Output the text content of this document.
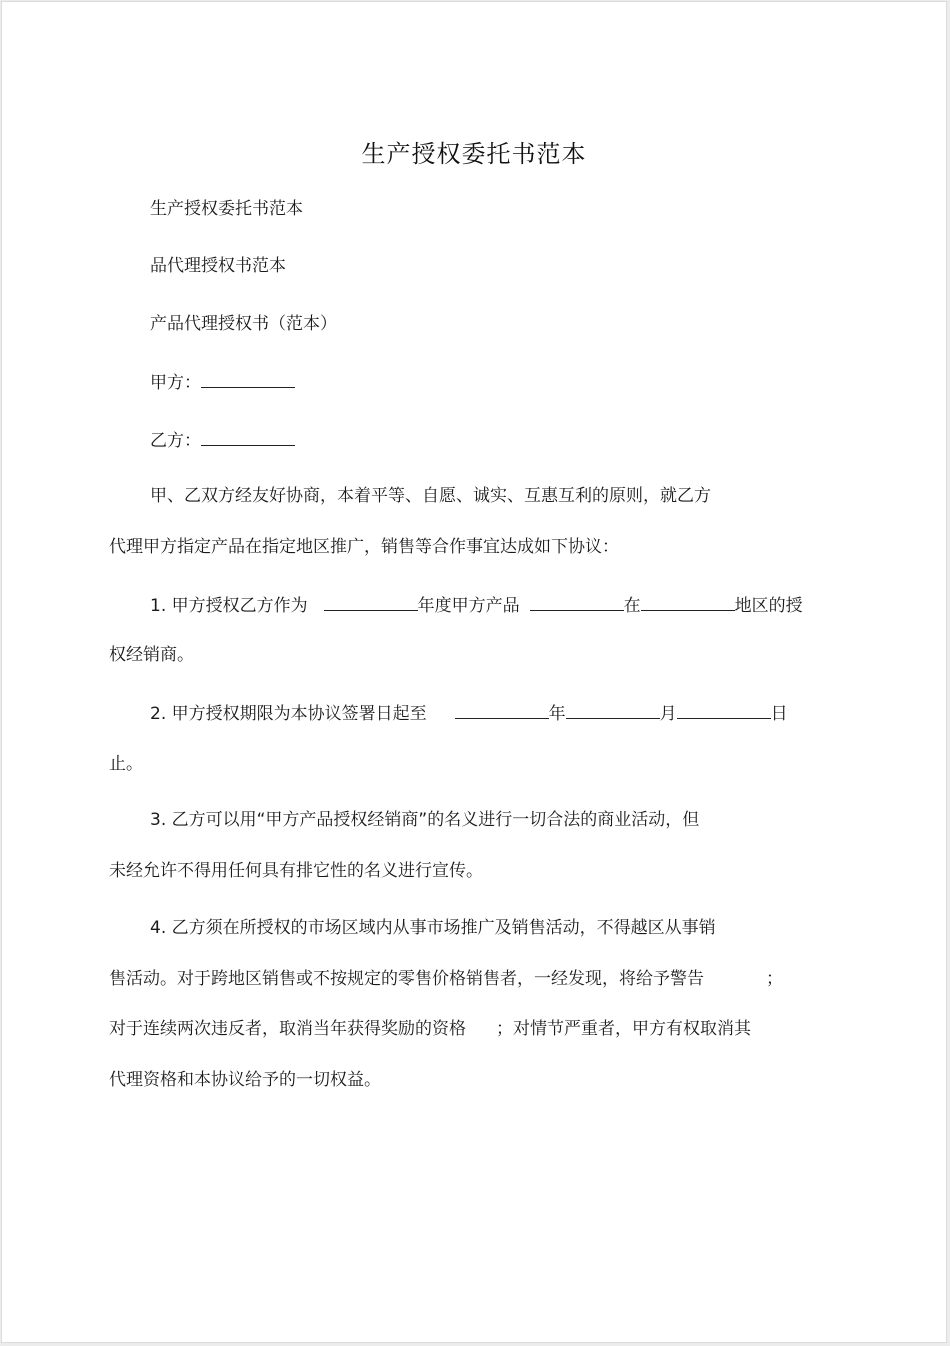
生产授权委托书范本
生产授权委托书范本
品代理授权书范本
产品代理授权书（范本）
甲方：
乙方：
甲、乙双方经友好协商，本着平等、自愿、诚实、互惠互利的原则，就乙方
代理甲方指定产品在指定地区推广，销售等合作事宜达成如下协议：
1. 甲方授权乙方作为	年度甲方产品	在	地区的授
权经销商。
2. 甲方授权期限为本协议签署日起至	年	月	日
止。
3. 乙方可以用“甲方产品授权经销商”的名义进行一切合法的商业活动，但
未经允许不得用任何具有排它性的名义进行宣传。
4. 乙方须在所授权的市场区域内从事市场推广及销售活动，不得越区从事销
售活动。对于跨地区销售或不按规定的零售价格销售者，一经发现，将给予警告	；
对于连续两次违反者，取消当年获得奖励的资格 ；对情节严重者，甲方有权取消其
代理资格和本协议给予的一切权益。
